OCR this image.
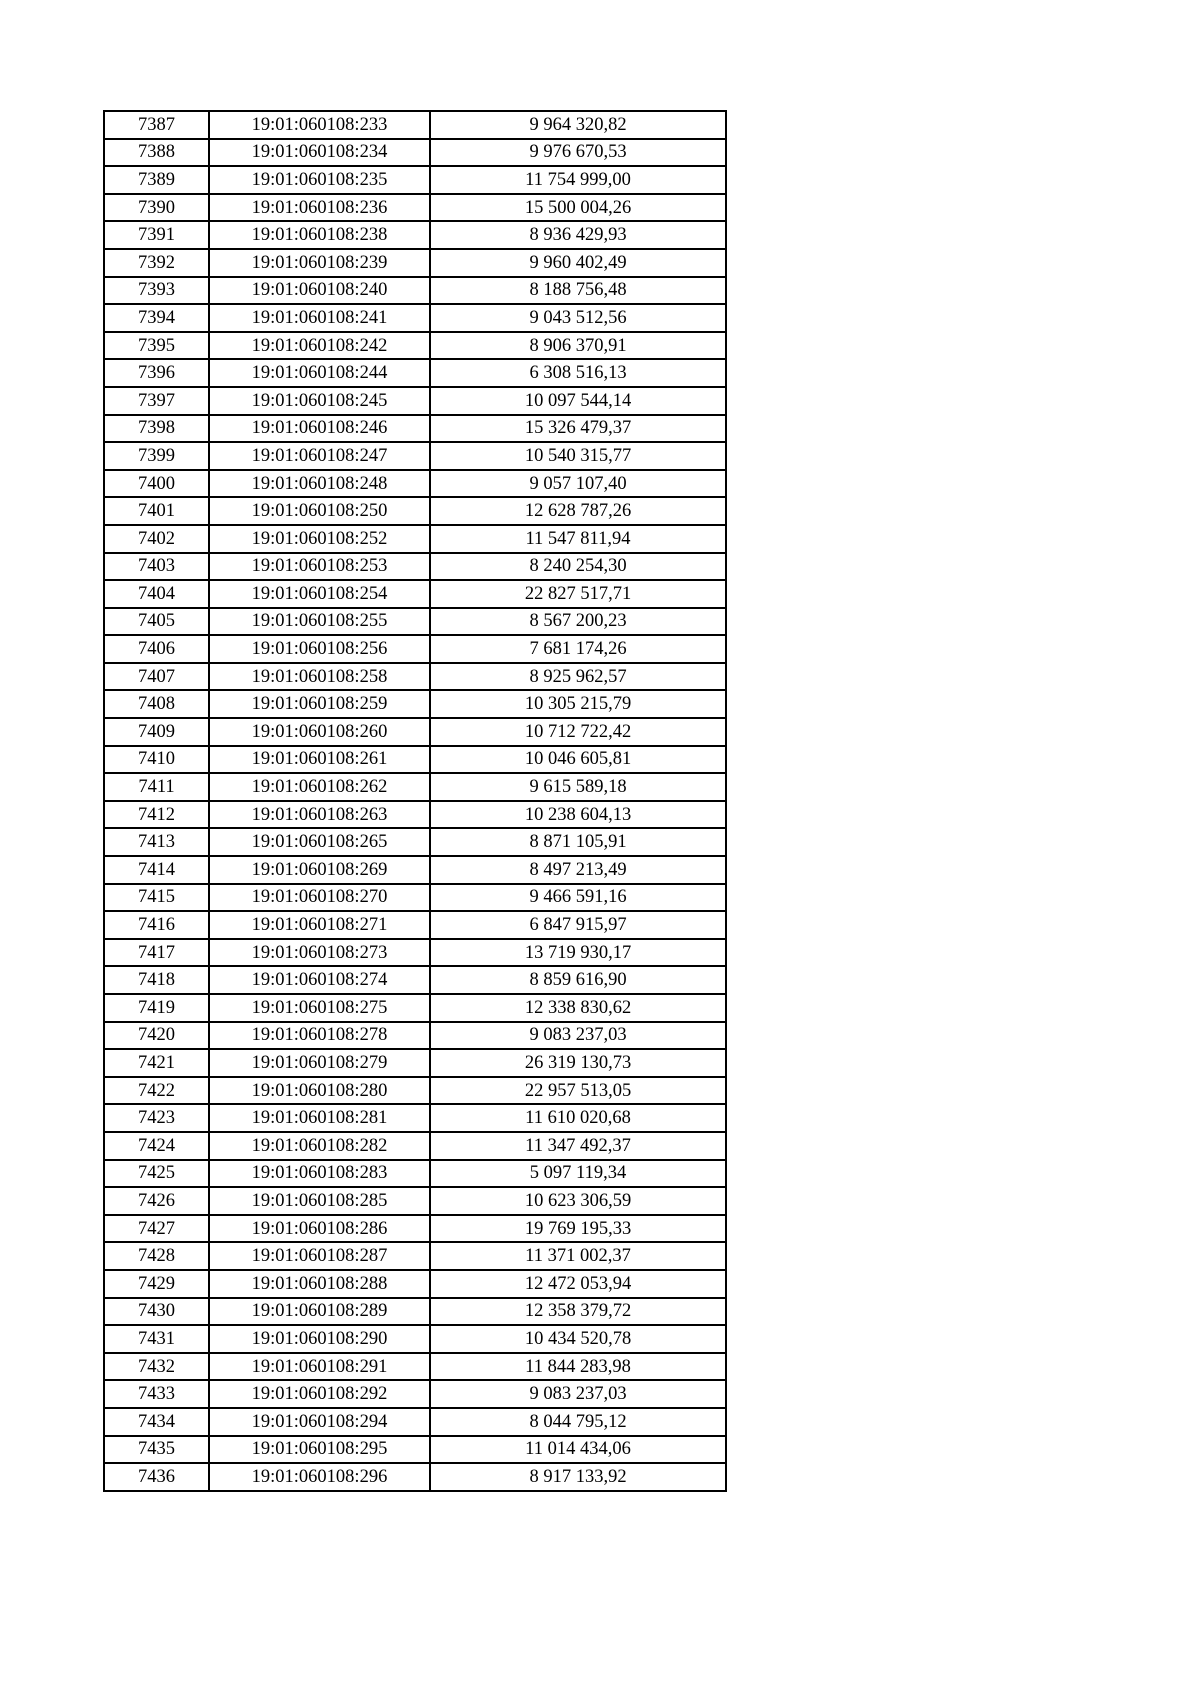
7387	19:01:060108:233	9 964 320,82
7388	19:01:060108:234	9 976 670,53
7389	19:01:060108:235	11 754 999,00
7390	19:01:060108:236	15 500 004,26
7391	19:01:060108:238	8 936 429,93
7392	19:01:060108:239	9 960 402,49
7393	19:01:060108:240	8 188 756,48
7394	19:01:060108:241	9 043 512,56
7395	19:01:060108:242	8 906 370,91
7396	19:01:060108:244	6 308 516,13
7397	19:01:060108:245	10 097 544,14
7398	19:01:060108:246	15 326 479,37
7399	19:01:060108:247	10 540 315,77
7400	19:01:060108:248	9 057 107,40
7401	19:01:060108:250	12 628 787,26
7402	19:01:060108:252	11 547 811,94
7403	19:01:060108:253	8 240 254,30
7404	19:01:060108:254	22 827 517,71
7405	19:01:060108:255	8 567 200,23
7406	19:01:060108:256	7 681 174,26
7407	19:01:060108:258	8 925 962,57
7408	19:01:060108:259	10 305 215,79
7409	19:01:060108:260	10 712 722,42
7410	19:01:060108:261	10 046 605,81
7411	19:01:060108:262	9 615 589,18
7412	19:01:060108:263	10 238 604,13
7413	19:01:060108:265	8 871 105,91
7414	19:01:060108:269	8 497 213,49
7415	19:01:060108:270	9 466 591,16
7416	19:01:060108:271	6 847 915,97
7417	19:01:060108:273	13 719 930,17
7418	19:01:060108:274	8 859 616,90
7419	19:01:060108:275	12 338 830,62
7420	19:01:060108:278	9 083 237,03
7421	19:01:060108:279	26 319 130,73
7422	19:01:060108:280	22 957 513,05
7423	19:01:060108:281	11 610 020,68
7424	19:01:060108:282	11 347 492,37
7425	19:01:060108:283	5 097 119,34
7426	19:01:060108:285	10 623 306,59
7427	19:01:060108:286	19 769 195,33
7428	19:01:060108:287	11 371 002,37
7429	19:01:060108:288	12 472 053,94
7430	19:01:060108:289	12 358 379,72
7431	19:01:060108:290	10 434 520,78
7432	19:01:060108:291	11 844 283,98
7433	19:01:060108:292	9 083 237,03
7434	19:01:060108:294	8 044 795,12
7435	19:01:060108:295	11 014 434,06
7436	19:01:060108:296	8 917 133,92
